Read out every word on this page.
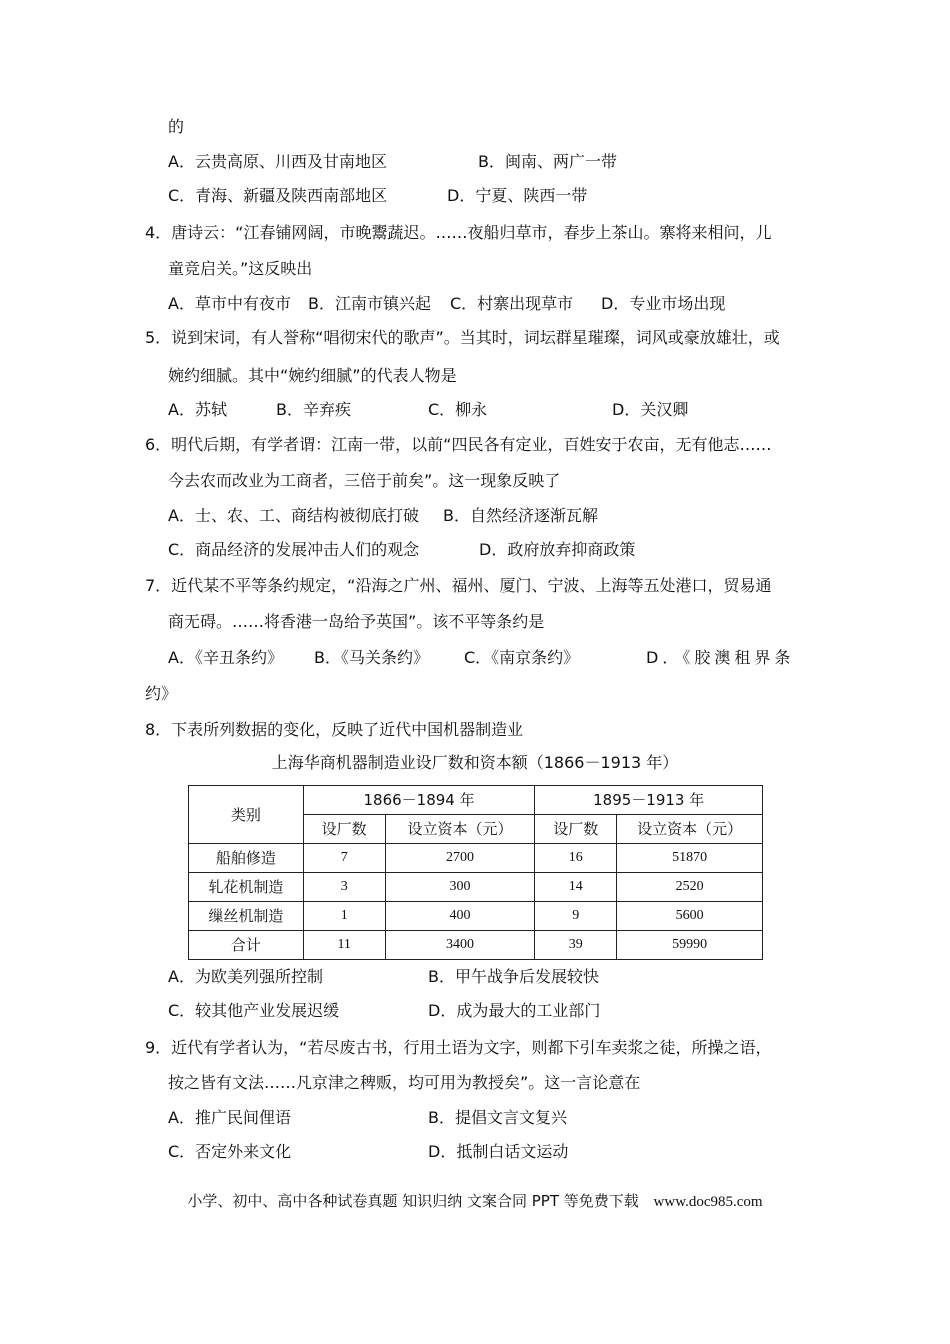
的
A．云贵高原、川西及甘南地区	B．闽南、两广一带
C．青海、新疆及陕西南部地区	D．宁夏、陕西一带
4．唐诗云：“江春铺网阔，市晚鬻蔬迟。……夜船归草市，春步上茶山。寨将来相问，儿
童竞启关。”这反映出
A．草市中有夜市 B．江南市镇兴起 C．村寨出现草市 D．专业市场出现
5．说到宋词，有人誉称“唱彻宋代的歌声”。当其时，词坛群星璀璨，词风或豪放雄壮，或
婉约细腻。其中“婉约细腻”的代表人物是
A．苏轼	B．辛弃疾	C．柳永	D．关汉卿
6．明代后期，有学者谓：江南一带，以前“四民各有定业，百姓安于农亩，无有他志……
今去农而改业为工商者，三倍于前矣”。这一现象反映了
A．士、农、工、商结构被彻底打破 B．自然经济逐渐瓦解
C．商品经济的发展冲击人们的观念	D．政府放弃抑商政策
7．近代某不平等条约规定，“沿海之广州、福州、厦门、宁波、上海等五处港口，贸易通
商无碍。……将香港一岛给予英国”。该不平等条约是
A．《辛丑条约》 B．《马关条约》 C．《南京条约》	D．《胶澳租界条
约》
8．下表所列数据的变化，反映了近代中国机器制造业
上海华商机器制造业设厂数和资本额（1866－1913 年）
类别	1866－1894 年		1895－1913 年	
	设厂数	设立资本（元）	设厂数	设立资本（元）
船舶修造	7	2700	16	51870
轧花机制造	3	300	14	2520
缫丝机制造	1	400	9	5600
合计	11	3400	39	59990
A．为欧美列强所控制	B．甲午战争后发展较快
C．较其他产业发展迟缓	D．成为最大的工业部门
9．近代有学者认为，“若尽废古书，行用土语为文字，则都下引车卖浆之徒，所操之语，
按之皆有文法……凡京津之稗贩，均可用为教授矣”。这一言论意在
A．推广民间俚语	B．提倡文言文复兴
C．否定外来文化	D．抵制白话文运动
小学、初中、高中各种试卷真题 知识归纳 文案合同 PPT 等免费下载 www.doc985.com
